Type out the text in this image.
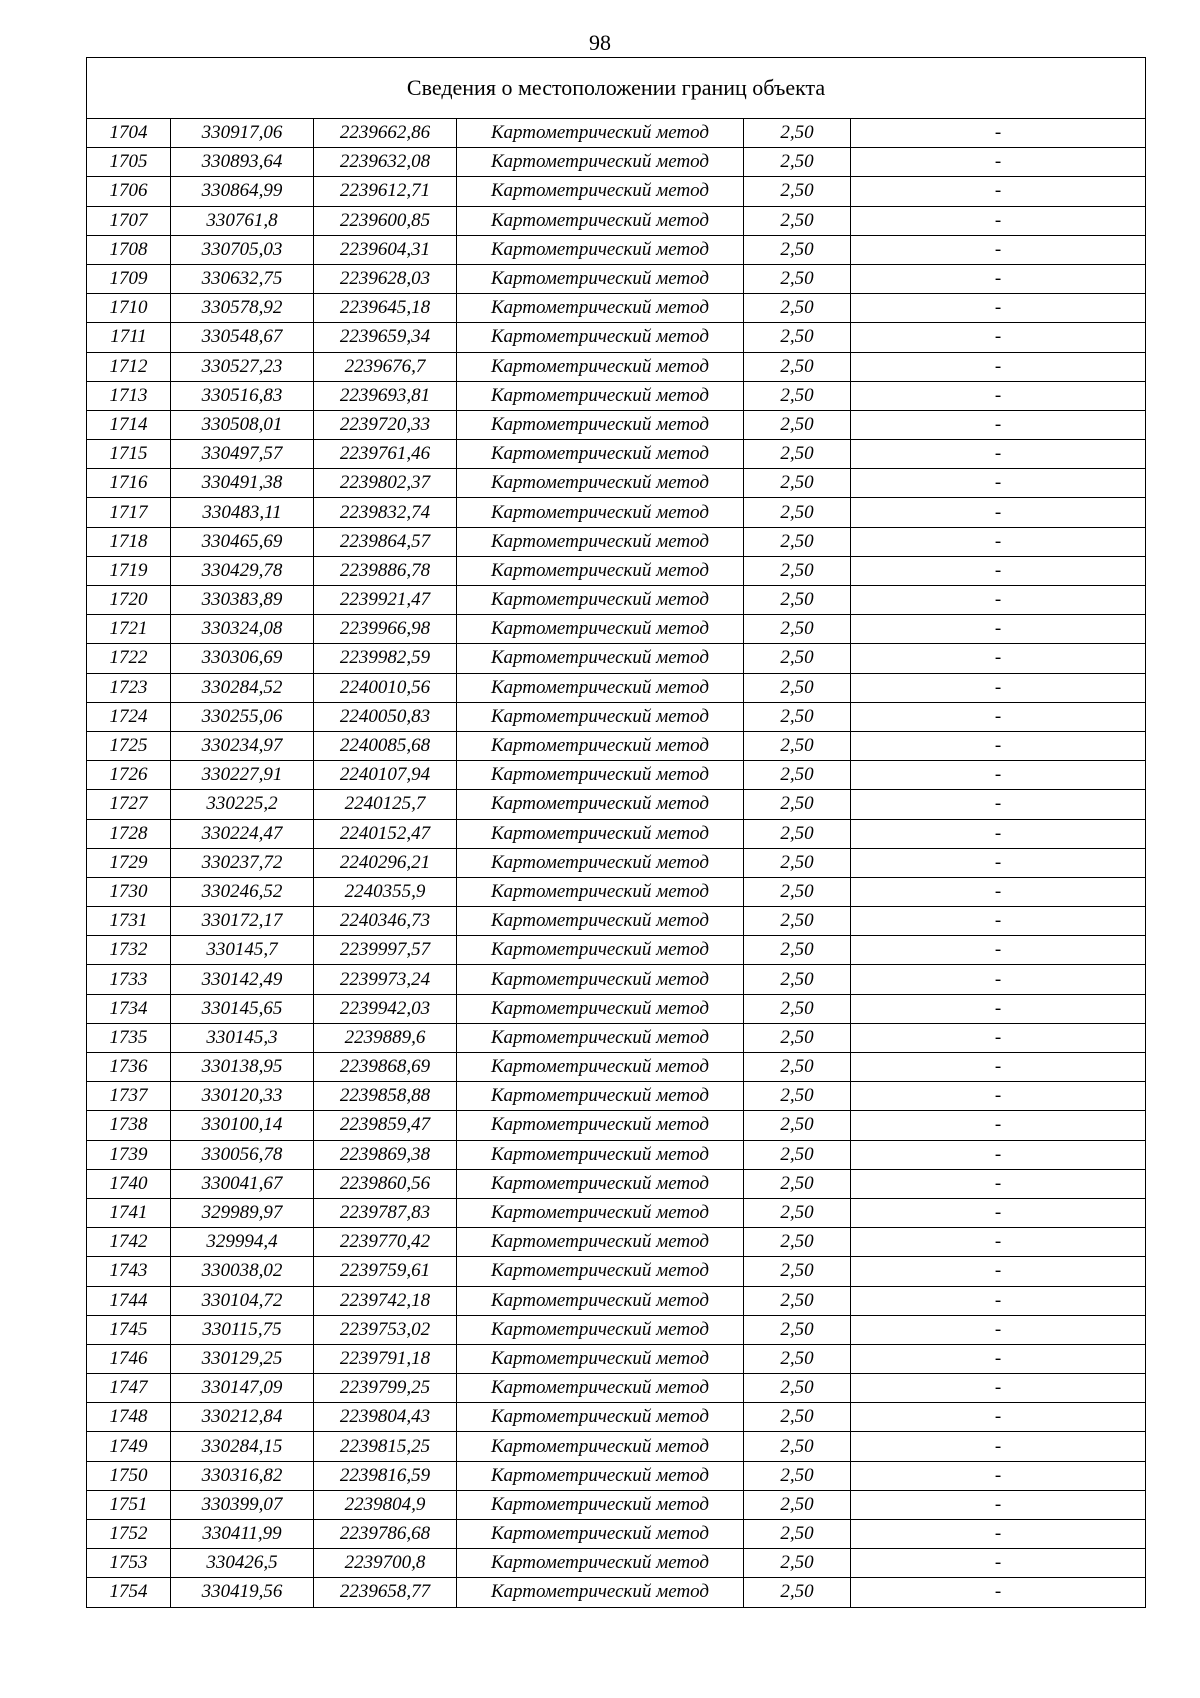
98
Сведения о местоположении границ объекта					
1704	330917,06	2239662,86	Картометрический метод	2,50	-
1705	330893,64	2239632,08	Картометрический метод	2,50	-
1706	330864,99	2239612,71	Картометрический метод	2,50	-
1707	330761,8	2239600,85	Картометрический метод	2,50	-
1708	330705,03	2239604,31	Картометрический метод	2,50	-
1709	330632,75	2239628,03	Картометрический метод	2,50	-
1710	330578,92	2239645,18	Картометрический метод	2,50	-
1711	330548,67	2239659,34	Картометрический метод	2,50	-
1712	330527,23	2239676,7	Картометрический метод	2,50	-
1713	330516,83	2239693,81	Картометрический метод	2,50	-
1714	330508,01	2239720,33	Картометрический метод	2,50	-
1715	330497,57	2239761,46	Картометрический метод	2,50	-
1716	330491,38	2239802,37	Картометрический метод	2,50	-
1717	330483,11	2239832,74	Картометрический метод	2,50	-
1718	330465,69	2239864,57	Картометрический метод	2,50	-
1719	330429,78	2239886,78	Картометрический метод	2,50	-
1720	330383,89	2239921,47	Картометрический метод	2,50	-
1721	330324,08	2239966,98	Картометрический метод	2,50	-
1722	330306,69	2239982,59	Картометрический метод	2,50	-
1723	330284,52	2240010,56	Картометрический метод	2,50	-
1724	330255,06	2240050,83	Картометрический метод	2,50	-
1725	330234,97	2240085,68	Картометрический метод	2,50	-
1726	330227,91	2240107,94	Картометрический метод	2,50	-
1727	330225,2	2240125,7	Картометрический метод	2,50	-
1728	330224,47	2240152,47	Картометрический метод	2,50	-
1729	330237,72	2240296,21	Картометрический метод	2,50	-
1730	330246,52	2240355,9	Картометрический метод	2,50	-
1731	330172,17	2240346,73	Картометрический метод	2,50	-
1732	330145,7	2239997,57	Картометрический метод	2,50	-
1733	330142,49	2239973,24	Картометрический метод	2,50	-
1734	330145,65	2239942,03	Картометрический метод	2,50	-
1735	330145,3	2239889,6	Картометрический метод	2,50	-
1736	330138,95	2239868,69	Картометрический метод	2,50	-
1737	330120,33	2239858,88	Картометрический метод	2,50	-
1738	330100,14	2239859,47	Картометрический метод	2,50	-
1739	330056,78	2239869,38	Картометрический метод	2,50	-
1740	330041,67	2239860,56	Картометрический метод	2,50	-
1741	329989,97	2239787,83	Картометрический метод	2,50	-
1742	329994,4	2239770,42	Картометрический метод	2,50	-
1743	330038,02	2239759,61	Картометрический метод	2,50	-
1744	330104,72	2239742,18	Картометрический метод	2,50	-
1745	330115,75	2239753,02	Картометрический метод	2,50	-
1746	330129,25	2239791,18	Картометрический метод	2,50	-
1747	330147,09	2239799,25	Картометрический метод	2,50	-
1748	330212,84	2239804,43	Картометрический метод	2,50	-
1749	330284,15	2239815,25	Картометрический метод	2,50	-
1750	330316,82	2239816,59	Картометрический метод	2,50	-
1751	330399,07	2239804,9	Картометрический метод	2,50	-
1752	330411,99	2239786,68	Картометрический метод	2,50	-
1753	330426,5	2239700,8	Картометрический метод	2,50	-
1754	330419,56	2239658,77	Картометрический метод	2,50	-
